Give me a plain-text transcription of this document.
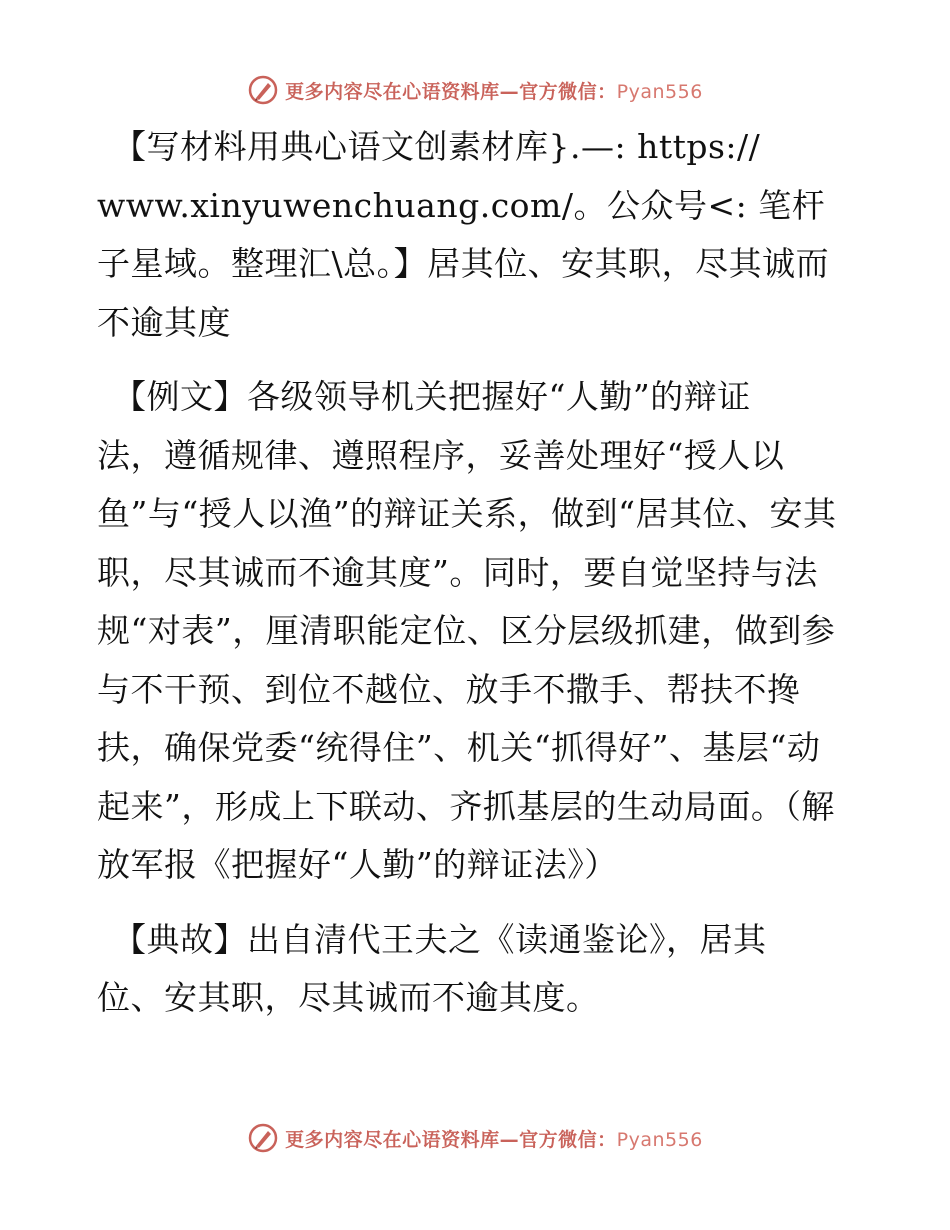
更多内容尽在心语资料库—官方微信：Pyan556

【写材料用典心语文创素材库}.—: https://
www.xinyuwenchuang.com/。公众号<: 笔杆子星域。整理汇\总。】居其位、安其职，尽其诚而不逾其度

【例文】各级领导机关把握好“人勤”的辩证
法，遵循规律、遵照程序，妥善处理好“授人以鱼”与“授人以渔”的辩证关系，做到“居其位、安其职，尽其诚而不逾其度”。同时，要自觉坚持与法规“对表”，厘清职能定位、区分层级抓建，做到参与不干预、到位不越位、放手不撒手、帮扶不搀扶，确保党委“统得住”、机关“抓得好”、基层“动起来”，形成上下联动、齐抓基层的生动局面。（解放军报《把握好“人勤”的辩证法》）

【典故】出自清代王夫之《读通鉴论》，居其
位、安其职，尽其诚而不逾其度。

更多内容尽在心语资料库—官方微信：Pyan556
